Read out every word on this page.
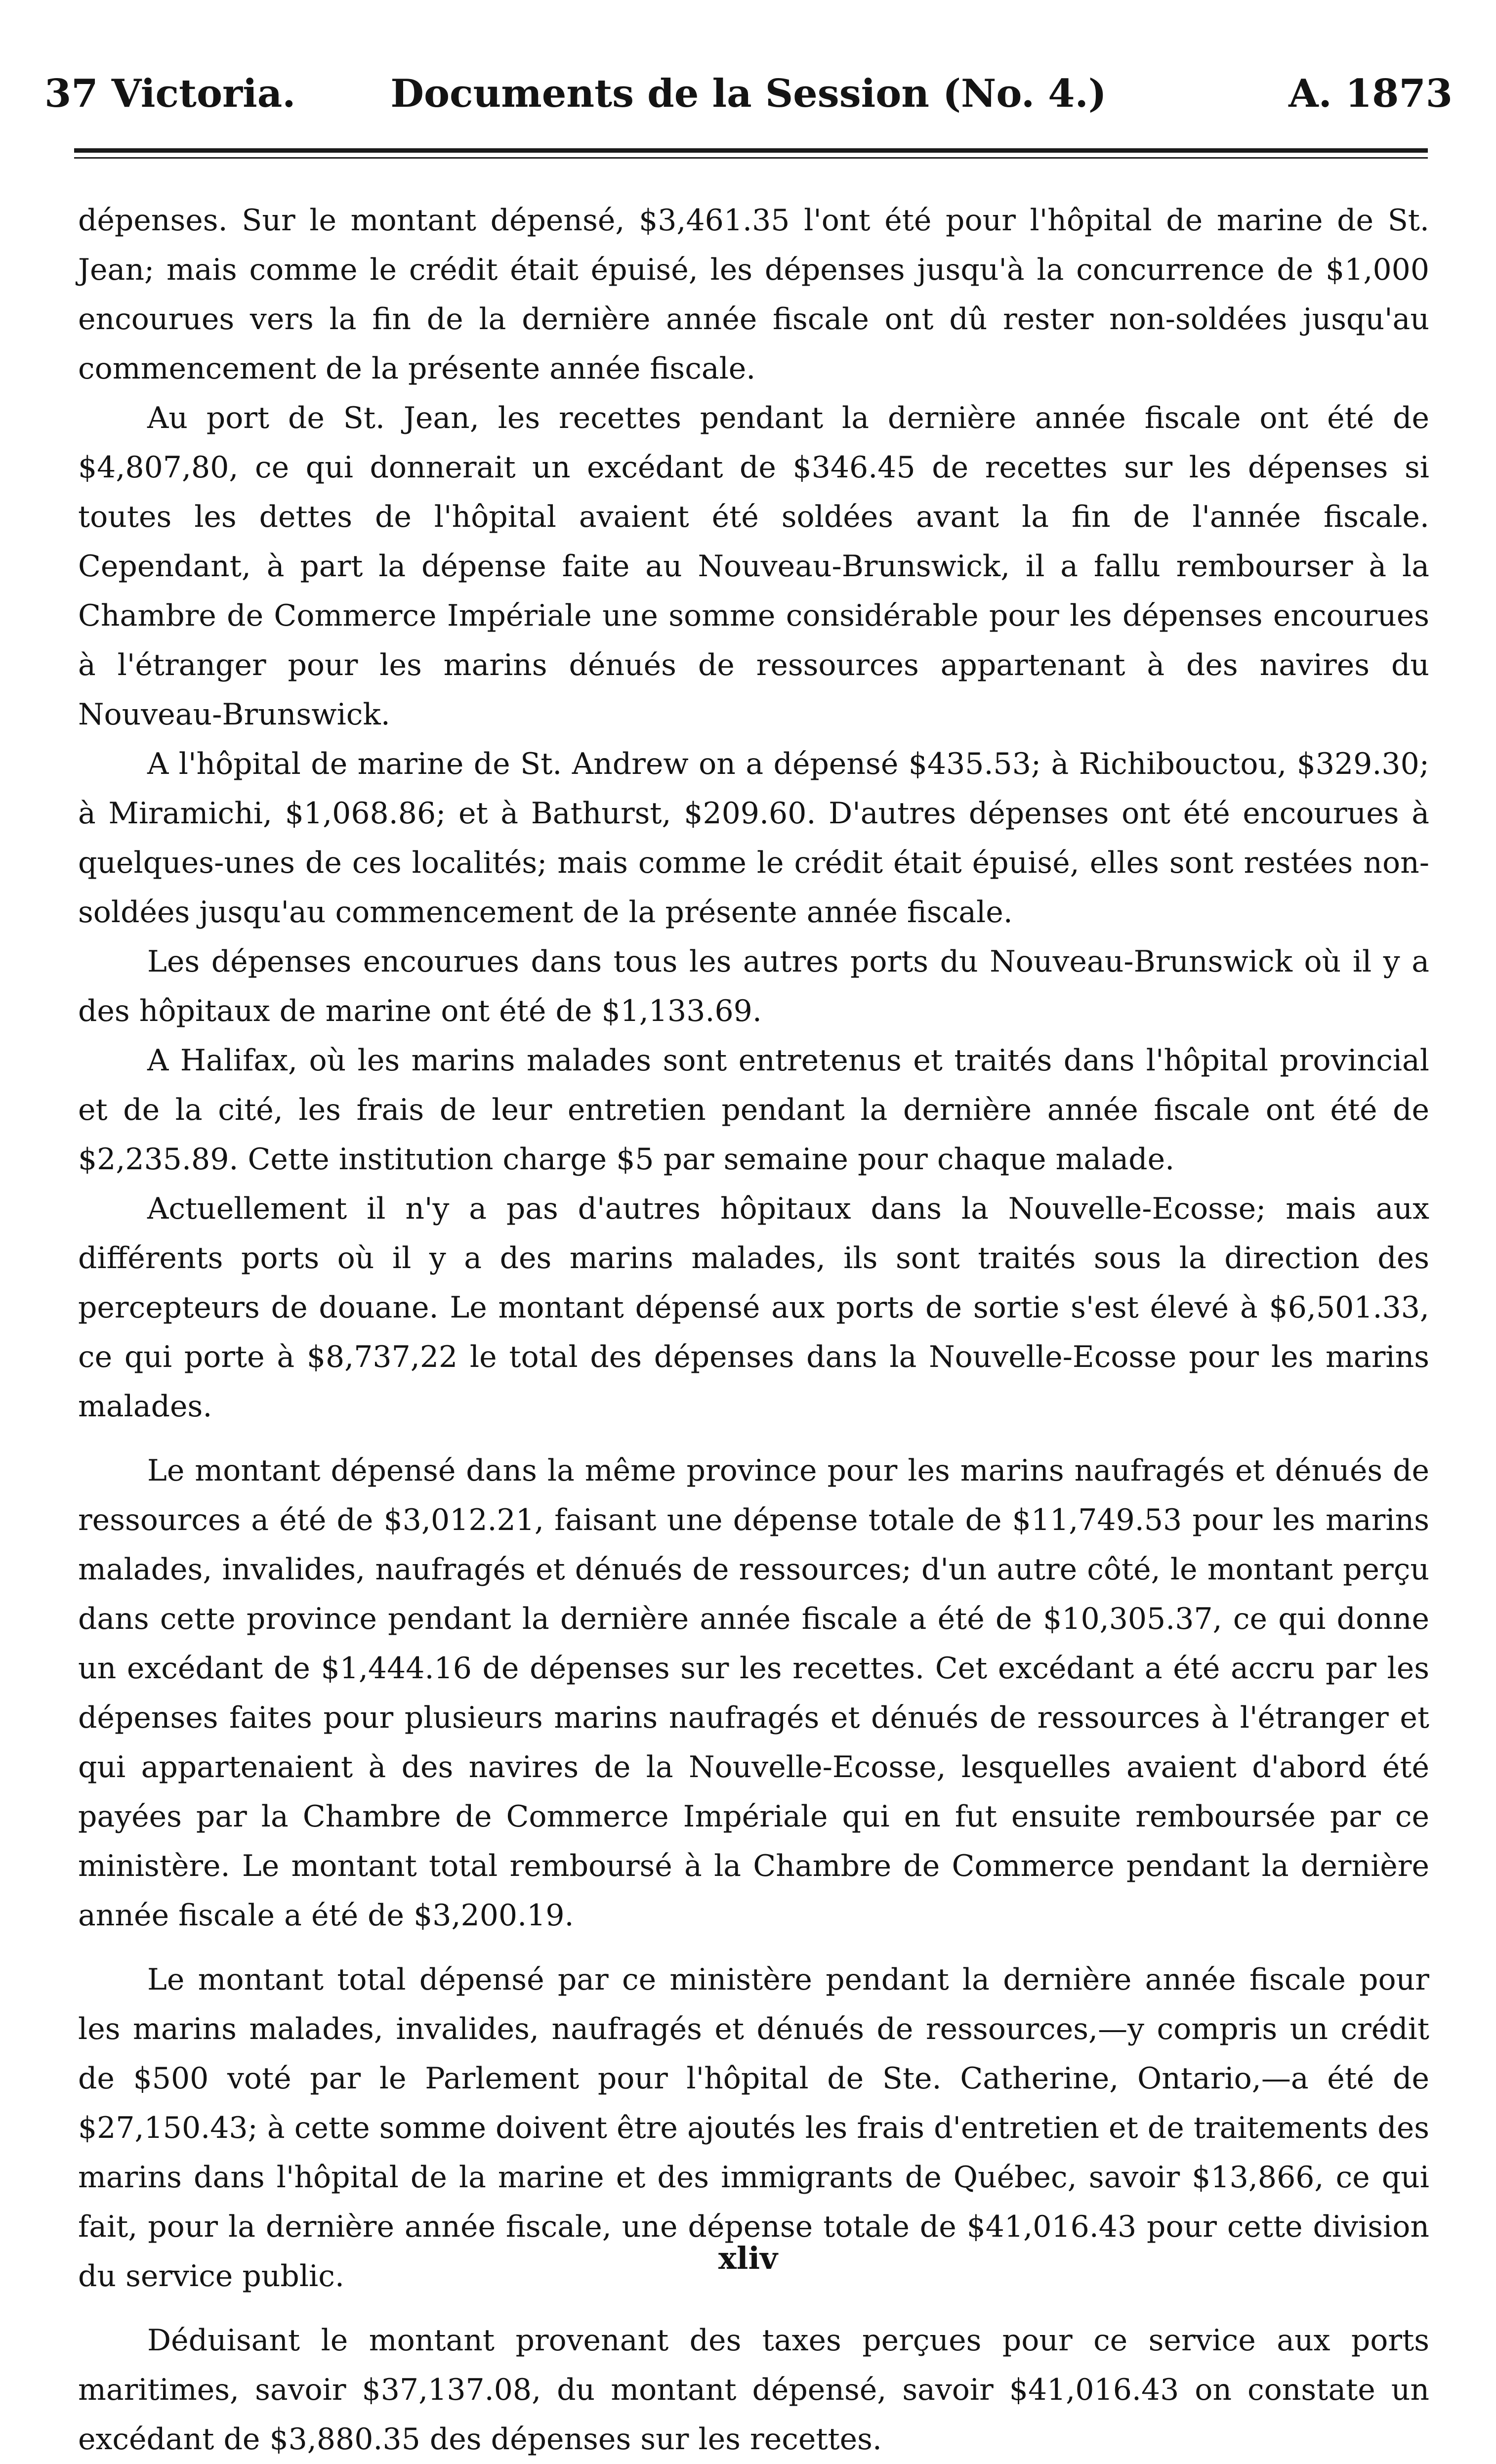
37 Victoria.	Documents de la Session (No. 4.)	A. 1873

dépenses. Sur le montant dépensé, $3,461.35 l'ont été pour l'hôpital de marine de St. Jean; mais comme le crédit était épuisé, les dépenses jusqu'à la concurrence de $1,000 encourues vers la fin de la dernière année fiscale ont dû rester non-soldées jusqu'au commencement de la présente année fiscale.

Au port de St. Jean, les recettes pendant la dernière année fiscale ont été de $4,807,80, ce qui donnerait un excédant de $346.45 de recettes sur les dépenses si toutes les dettes de l'hôpital avaient été soldées avant la fin de l'année fiscale. Cependant, à part la dépense faite au Nouveau-Brunswick, il a fallu rembourser à la Chambre de Commerce Impériale une somme considérable pour les dépenses encourues à l'étranger pour les marins dénués de ressources appartenant à des navires du Nouveau-Brunswick.

A l'hôpital de marine de St. Andrew on a dépensé $435.53; à Richibouctou, $329.30; à Miramichi, $1,068.86; et à Bathurst, $209.60. D'autres dépenses ont été encourues à quelques-unes de ces localités; mais comme le crédit était épuisé, elles sont restées non-soldées jusqu'au commencement de la présente année fiscale.

Les dépenses encourues dans tous les autres ports du Nouveau-Brunswick où il y a des hôpitaux de marine ont été de $1,133.69.

A Halifax, où les marins malades sont entretenus et traités dans l'hôpital provincial et de la cité, les frais de leur entretien pendant la dernière année fiscale ont été de $2,235.89. Cette institution charge $5 par semaine pour chaque malade.

Actuellement il n'y a pas d'autres hôpitaux dans la Nouvelle-Ecosse; mais aux différents ports où il y a des marins malades, ils sont traités sous la direction des percepteurs de douane. Le montant dépensé aux ports de sortie s'est élevé à $6,501.33, ce qui porte à $8,737,22 le total des dépenses dans la Nouvelle-Ecosse pour les marins malades.

Le montant dépensé dans la même province pour les marins naufragés et dénués de ressources a été de $3,012.21, faisant une dépense totale de $11,749.53 pour les marins malades, invalides, naufragés et dénués de ressources; d'un autre côté, le montant perçu dans cette province pendant la dernière année fiscale a été de $10,305.37, ce qui donne un excédant de $1,444.16 de dépenses sur les recettes. Cet excédant a été accru par les dépenses faites pour plusieurs marins naufragés et dénués de ressources à l'étranger et qui appartenaient à des navires de la Nouvelle-Ecosse, lesquelles avaient d'abord été payées par la Chambre de Commerce Impériale qui en fut ensuite remboursée par ce ministère. Le montant total remboursé à la Chambre de Commerce pendant la dernière année fiscale a été de $3,200.19.

Le montant total dépensé par ce ministère pendant la dernière année fiscale pour les marins malades, invalides, naufragés et dénués de ressources,—y compris un crédit de $500 voté par le Parlement pour l'hôpital de Ste. Catherine, Ontario,—a été de $27,150.43; à cette somme doivent être ajoutés les frais d'entretien et de traitements des marins dans l'hôpital de la marine et des immigrants de Québec, savoir $13,866, ce qui fait, pour la dernière année fiscale, une dépense totale de $41,016.43 pour cette division du service public.

Déduisant le montant provenant des taxes perçues pour ce service aux ports maritimes, savoir $37,137.08, du montant dépensé, savoir $41,016.43 on constate un excédant de $3,880.35 des dépenses sur les recettes.

xliv
